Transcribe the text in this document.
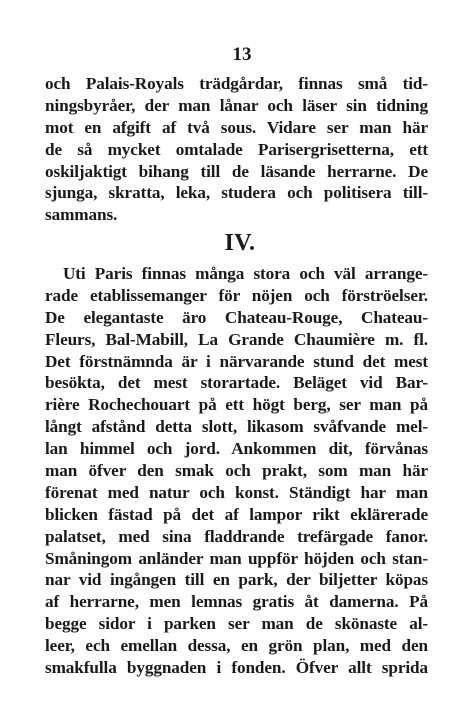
13
och Palais-Royals trädgårdar, finnas små tid-
ningsbyråer, der man lånar och läser sin tidning
mot en afgift af två sous. Vidare ser man här
de så mycket omtalade Parisergrisetterna, ett
oskiljaktigt bihang till de läsande herrarne. De
sjunga, skratta, leka, studera och politisera till-
sammans.
IV.
Uti Paris finnas många stora och väl arrange-
rade etablissemanger för nöjen och förströelser.
De elegantaste äro Chateau-Rouge, Chateau-
Fleurs, Bal-Mabill, La Grande Chaumière m. fl.
Det förstnämnda är i närvarande stund det mest
besökta, det mest storartade. Beläget vid Bar-
rière Rochechouart på ett högt berg, ser man på
långt afstånd detta slott, likasom svåfvande mel-
lan himmel och jord. Ankommen dit, förvånas
man öfver den smak och prakt, som man här
förenat med natur och konst. Ständigt har man
blicken fästad på det af lampor rikt eklärerade
palatset, med sina fladdrande trefärgade fanor.
Småningom anländer man uppför höjden och stan-
nar vid ingången till en park, der biljetter köpas
af herrarne, men lemnas gratis åt damerna. På
begge sidor i parken ser man de skönaste al-
leer, ech emellan dessa, en grön plan, med den
smakfulla byggnaden i fonden. Öfver allt sprida
